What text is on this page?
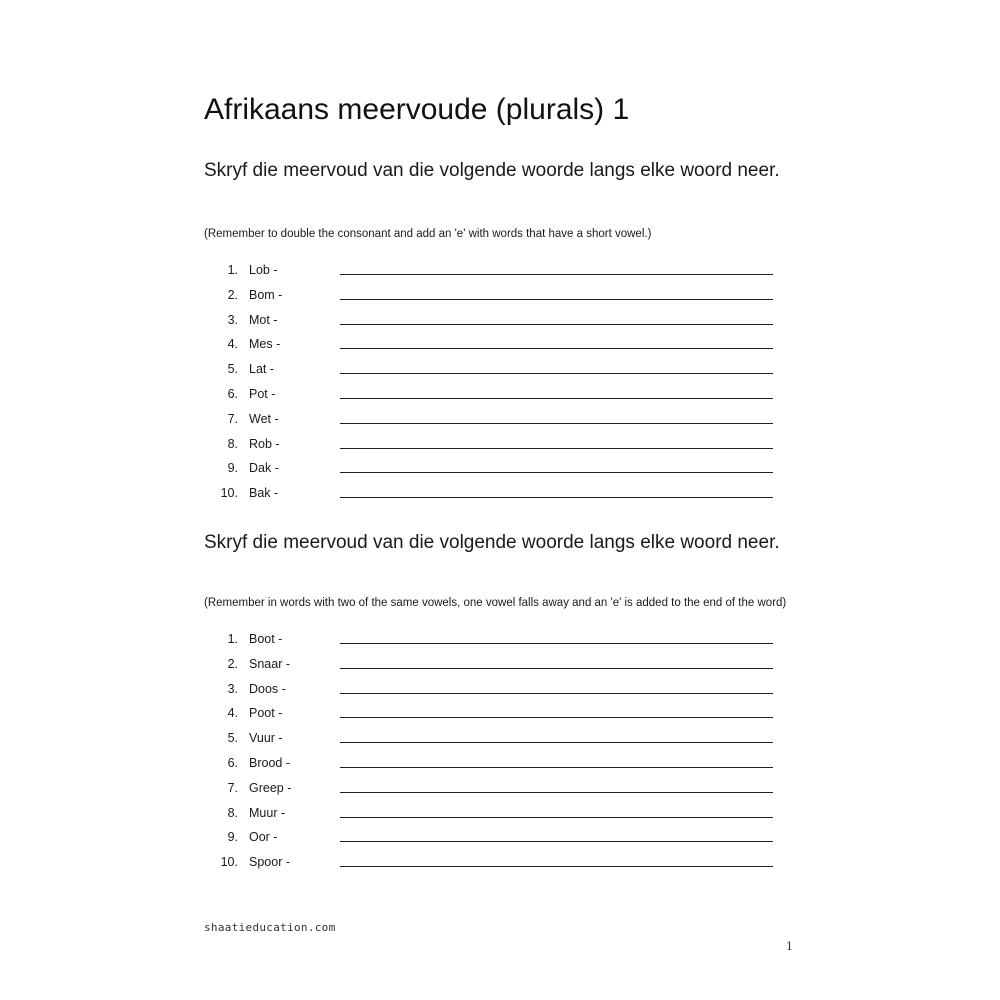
Afrikaans meervoude (plurals) 1

Skryf die meervoud van die volgende woorde langs elke woord neer.

(Remember to double the consonant and add an 'e' with words that have a short vowel.)

1. Lob -
2. Bom -
3. Mot -
4. Mes -
5. Lat -
6. Pot -
7. Wet -
8. Rob -
9. Dak -
10. Bak -

Skryf die meervoud van die volgende woorde langs elke woord neer.

(Remember in words with two of the same vowels, one vowel falls away and an 'e' is added to the end of the word)

1. Boot -
2. Snaar -
3. Doos -
4. Poot -
5. Vuur -
6. Brood -
7. Greep -
8. Muur -
9. Oor -
10. Spoor -
shaatieducation.com
1
